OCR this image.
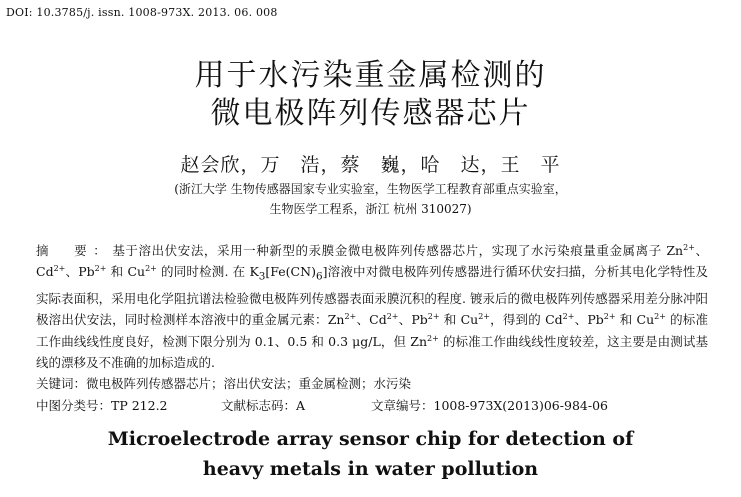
DOI: 10.3785/j. issn. 1008-973X. 2013. 06. 008
用于水污染重金属检测的
微电极阵列传感器芯片
赵会欣，万　浩，蔡　巍，哈　达，王　平
(浙江大学 生物传感器国家专业实验室，生物医学工程教育部重点实验室，
生物医学工程系，浙江 杭州 310027)
摘　要：基于溶出伏安法，采用一种新型的汞膜金微电极阵列传感器芯片，实现了水污染痕量重金属离子 $Zn^{2+}$、$Cd^{2+}$、$Pb^{2+}$ 和 $Cu^{2+}$ 的同时检测. 在 $K_3[Fe(CN)_6]$溶液中对微电极阵列传感器进行循环伏安扫描，分析其电化学特性及实际表面积，采用电化学阻抗谱法检验微电极阵列传感器表面汞膜沉积的程度. 镀汞后的微电极阵列传感器采用差分脉冲阳极溶出伏安法，同时检测样本溶液中的重金属元素：$Zn^{2+}$、$Cd^{2+}$、$Pb^{2+}$ 和 $Cu^{2+}$，得到的 $Cd^{2+}$、$Pb^{2+}$ 和 $Cu^{2+}$ 的标准工作曲线线性度良好，检测下限分别为 0.1、0.5 和 0.3 μg/L，但 $Zn^{2+}$ 的标准工作曲线线性度较差，这主要是由测试基线的漂移及不准确的加标造成的.
关键词：微电极阵列传感器芯片；溶出伏安法；重金属检测；水污染
中图分类号：TP 212.2	文献标志码：A	文章编号：1008-973X(2013)06-984-06
Microelectrode array sensor chip for detection of
heavy metals in water pollution
